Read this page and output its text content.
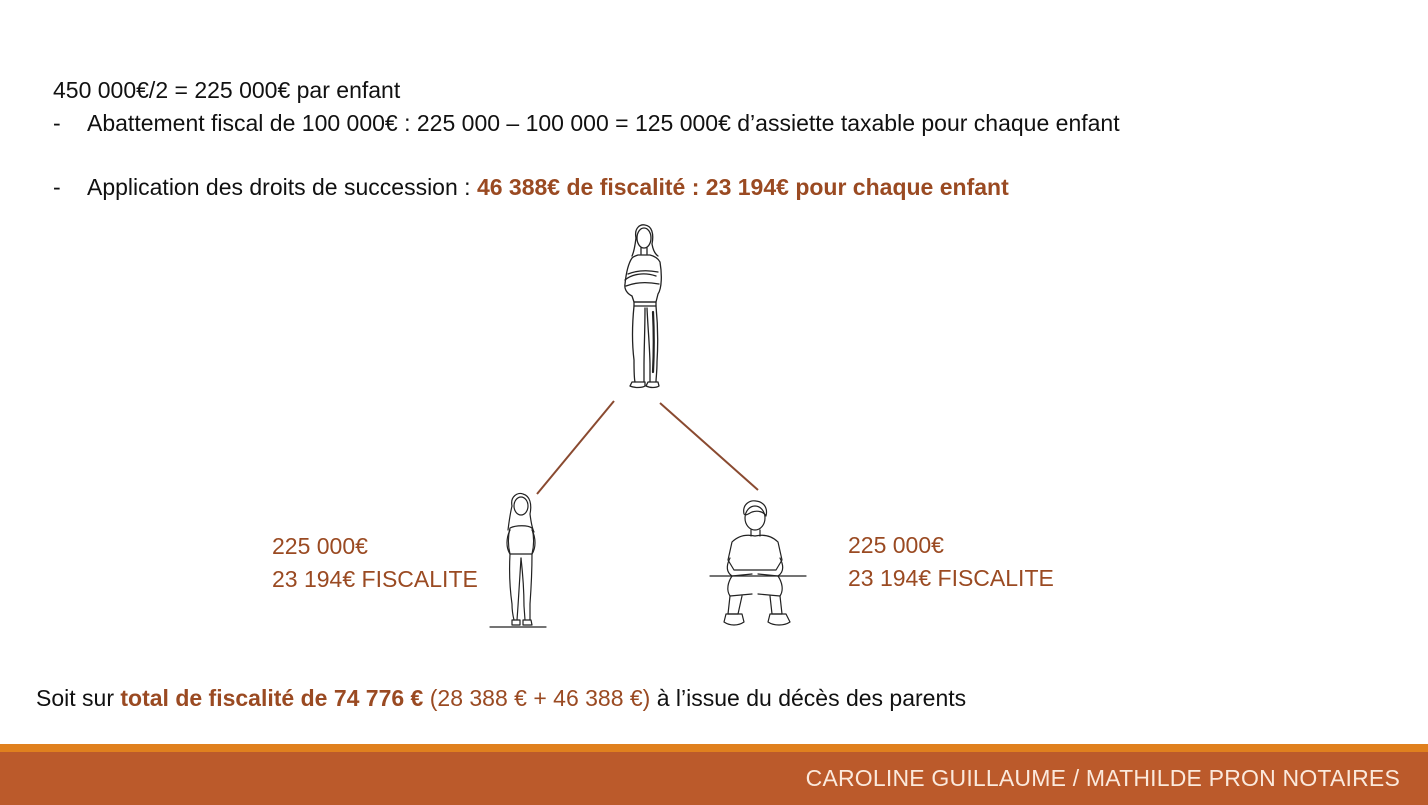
450 000€/2 = 225 000€ par enfant
- Abattement fiscal de 100 000€ : 225 000 – 100 000 = 125 000€ d’assiette taxable pour chaque enfant
- Application des droits de succession : 46 388€ de fiscalité : 23 194€ pour chaque enfant
225 000€
23 194€ FISCALITE
225 000€
23 194€ FISCALITE
Soit sur total de fiscalité de 74 776 € (28 388 € + 46 388 €) à l’issue du décès des parents
CAROLINE GUILLAUME / MATHILDE PRON NOTAIRES
